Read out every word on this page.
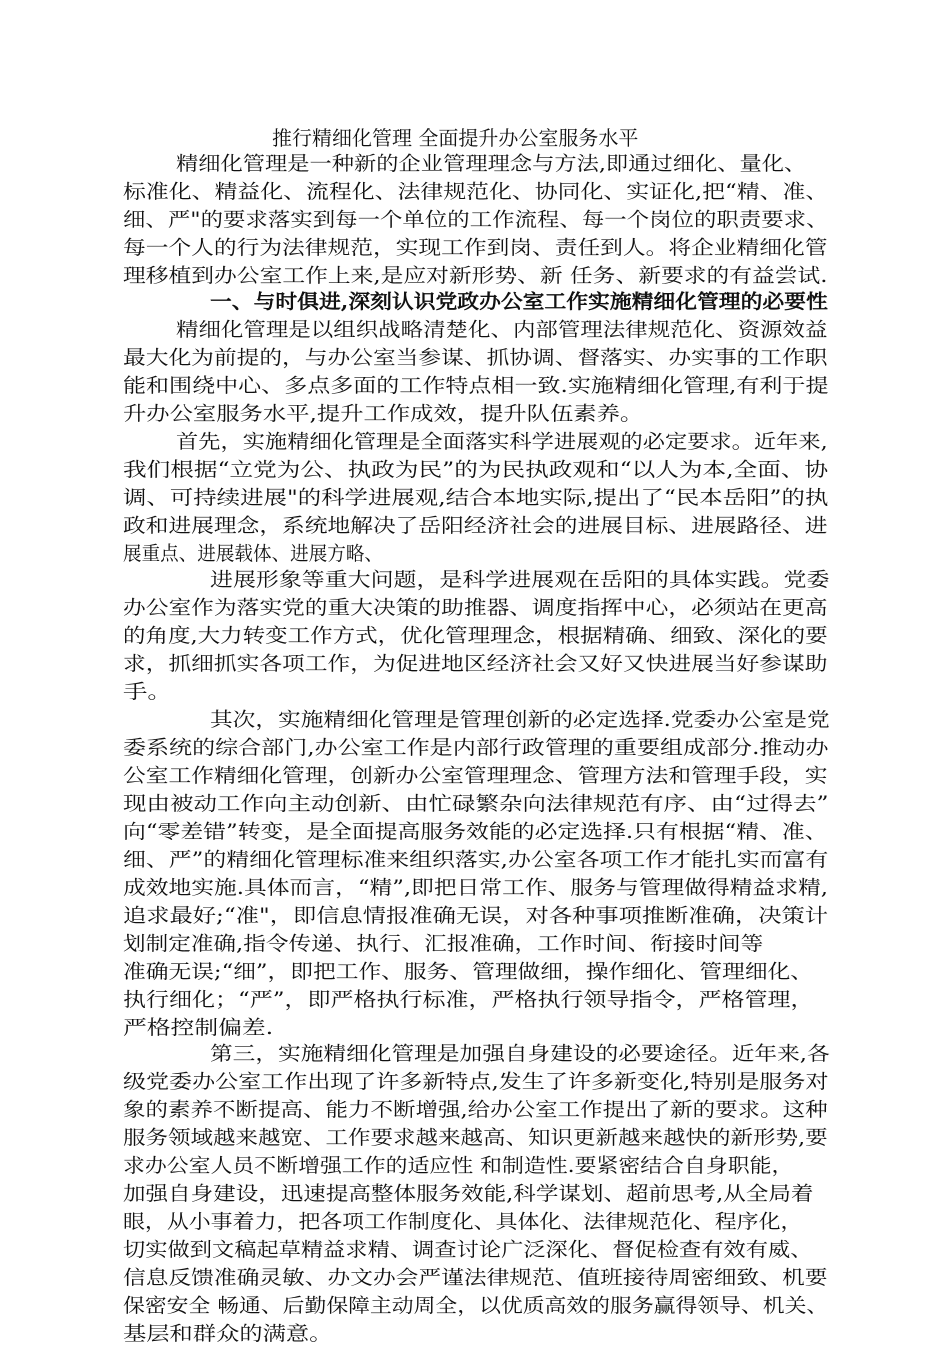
推行精细化管理 全面提升办公室服务水平
精细化管理是一种新的企业管理理念与方法,即通过细化、量化、
标准化、精益化、流程化、法律规范化、协同化、实证化,把“精、准、
细、严"的要求落实到每一个单位的工作流程、每一个岗位的职责要求、
每一个人的行为法律规范，实现工作到岗、责任到人。将企业精细化管
理移植到办公室工作上来,是应对新形势、新 任务、新要求的有益尝试.
一、与时俱进,深刻认识党政办公室工作实施精细化管理的必要性
精细化管理是以组织战略清楚化、内部管理法律规范化、资源效益
最大化为前提的，与办公室当参谋、抓协调、督落实、办实事的工作职
能和围绕中心、多点多面的工作特点相一致.实施精细化管理,有利于提
升办公室服务水平,提升工作成效，提升队伍素养。
首先，实施精细化管理是全面落实科学进展观的必定要求。近年来,
我们根据“立党为公、执政为民”的为民执政观和“以人为本,全面、协
调、可持续进展"的科学进展观,结合本地实际,提出了“民本岳阳”的执
政和进展理念，系统地解决了岳阳经济社会的进展目标、进展路径、进
展重点、进展载体、进展方略、
进展形象等重大问题，是科学进展观在岳阳的具体实践。党委
办公室作为落实党的重大决策的助推器、调度指挥中心，必须站在更高
的角度,大力转变工作方式，优化管理理念，根据精确、细致、深化的要
求，抓细抓实各项工作，为促进地区经济社会又好又快进展当好参谋助
手。
其次，实施精细化管理是管理创新的必定选择.党委办公室是党
委系统的综合部门,办公室工作是内部行政管理的重要组成部分.推动办
公室工作精细化管理，创新办公室管理理念、管理方法和管理手段，实
现由被动工作向主动创新、由忙碌繁杂向法律规范有序、由“过得去”
向“零差错”转变，是全面提高服务效能的必定选择.只有根据“精、准、
细、严”的精细化管理标准来组织落实,办公室各项工作才能扎实而富有
成效地实施.具体而言，“精”,即把日常工作、服务与管理做得精益求精,
追求最好;“准"，即信息情报准确无误，对各种事项推断准确，决策计
划制定准确,指令传递、执行、汇报准确，工作时间、衔接时间等
准确无误;“细”，即把工作、服务、管理做细，操作细化、管理细化、
执行细化；“严”，即严格执行标准，严格执行领导指令，严格管理，
严格控制偏差.
第三，实施精细化管理是加强自身建设的必要途径。近年来,各
级党委办公室工作出现了许多新特点,发生了许多新变化,特别是服务对
象的素养不断提高、能力不断增强,给办公室工作提出了新的要求。这种
服务领域越来越宽、工作要求越来越高、知识更新越来越快的新形势,要
求办公室人员不断增强工作的适应性 和制造性.要紧密结合自身职能，
加强自身建设，迅速提高整体服务效能,科学谋划、超前思考,从全局着
眼，从小事着力，把各项工作制度化、具体化、法律规范化、程序化，
切实做到文稿起草精益求精、调查讨论广泛深化、督促检查有效有威、
信息反馈准确灵敏、办文办会严谨法律规范、值班接待周密细致、机要
保密安全 畅通、后勤保障主动周全，以优质高效的服务赢得领导、机关、
基层和群众的满意。
